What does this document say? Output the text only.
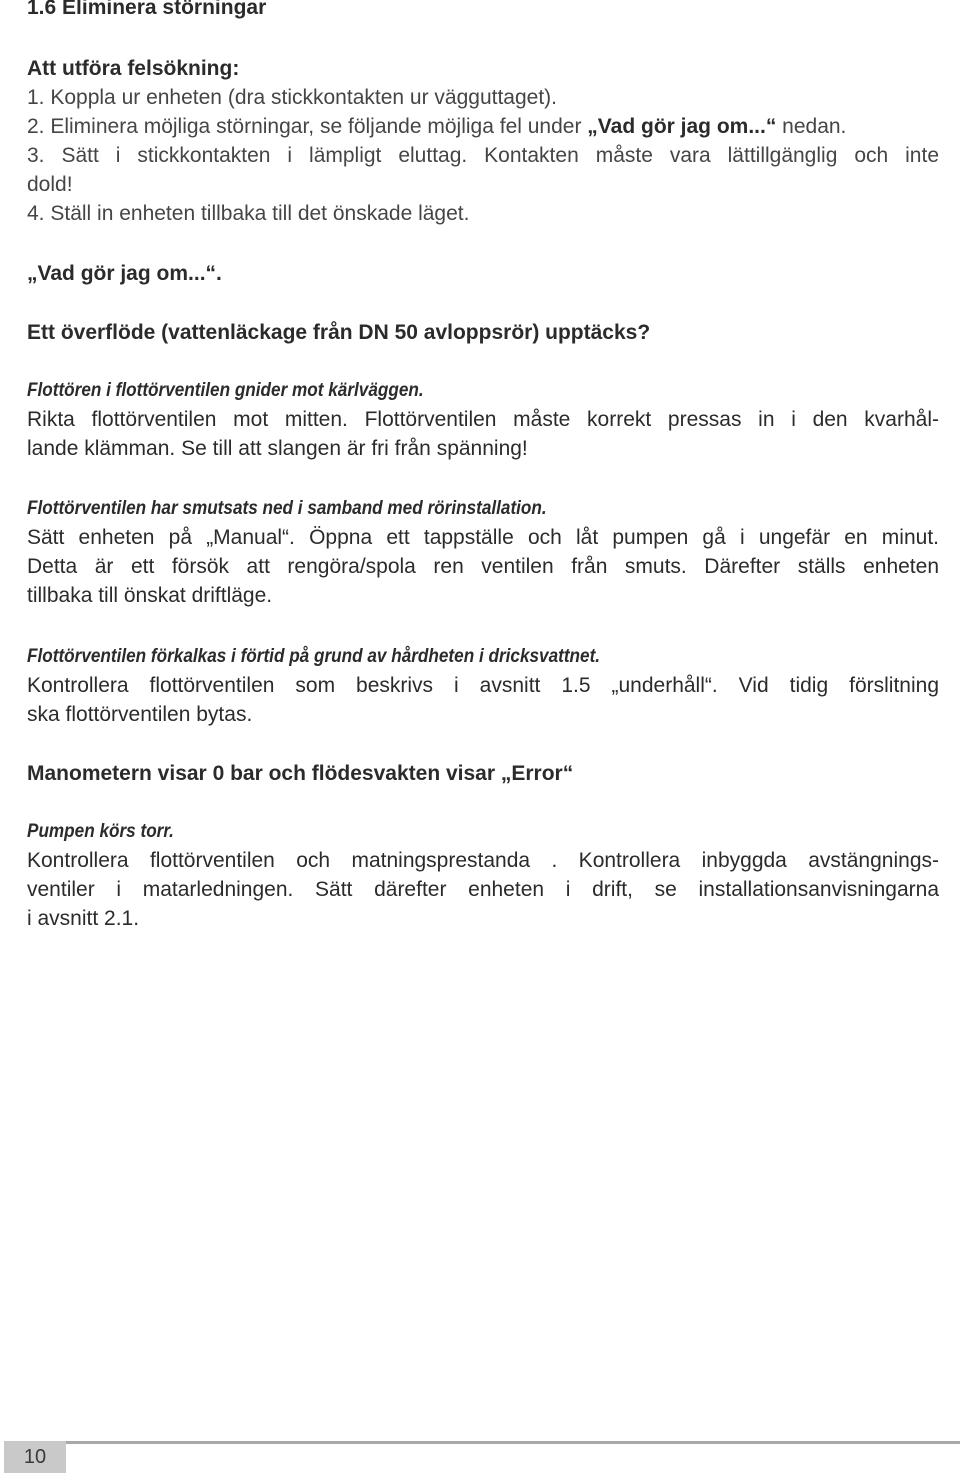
1.6 Eliminera störningar
Att utföra felsökning:
1. Koppla ur enheten (dra stickkontakten ur vägguttaget).
2. Eliminera möjliga störningar, se följande möjliga fel under „Vad gör jag om...“ nedan.
3. Sätt i stickkontakten i lämpligt eluttag. Kontakten måste vara lättillgänglig och inte
dold!
4. Ställ in enheten tillbaka till det önskade läget.
„Vad gör jag om...“.
Ett överflöde (vattenläckage från DN 50 avloppsrör) upptäcks?
Flottören i flottörventilen gnider mot kärlväggen.
Rikta flottörventilen mot mitten. Flottörventilen måste korrekt pressas in i den kvarhål-
lande klämman. Se till att slangen är fri från spänning!
Flottörventilen har smutsats ned i samband med rörinstallation.
Sätt enheten på „Manual“. Öppna ett tappställe och låt pumpen gå i ungefär en minut.
Detta är ett försök att rengöra/spola ren ventilen från smuts. Därefter ställs enheten
tillbaka till önskat driftläge.
Flottörventilen förkalkas i förtid på grund av hårdheten i dricksvattnet.
Kontrollera flottörventilen som beskrivs i avsnitt 1.5 „underhåll“. Vid tidig förslitning
ska flottörventilen bytas.
Manometern visar 0 bar och flödesvakten visar „Error“
Pumpen körs torr.
Kontrollera flottörventilen och matningsprestanda . Kontrollera inbyggda avstängnings-
ventiler i matarledningen. Sätt därefter enheten i drift, se installationsanvisningarna
i avsnitt 2.1.
10
